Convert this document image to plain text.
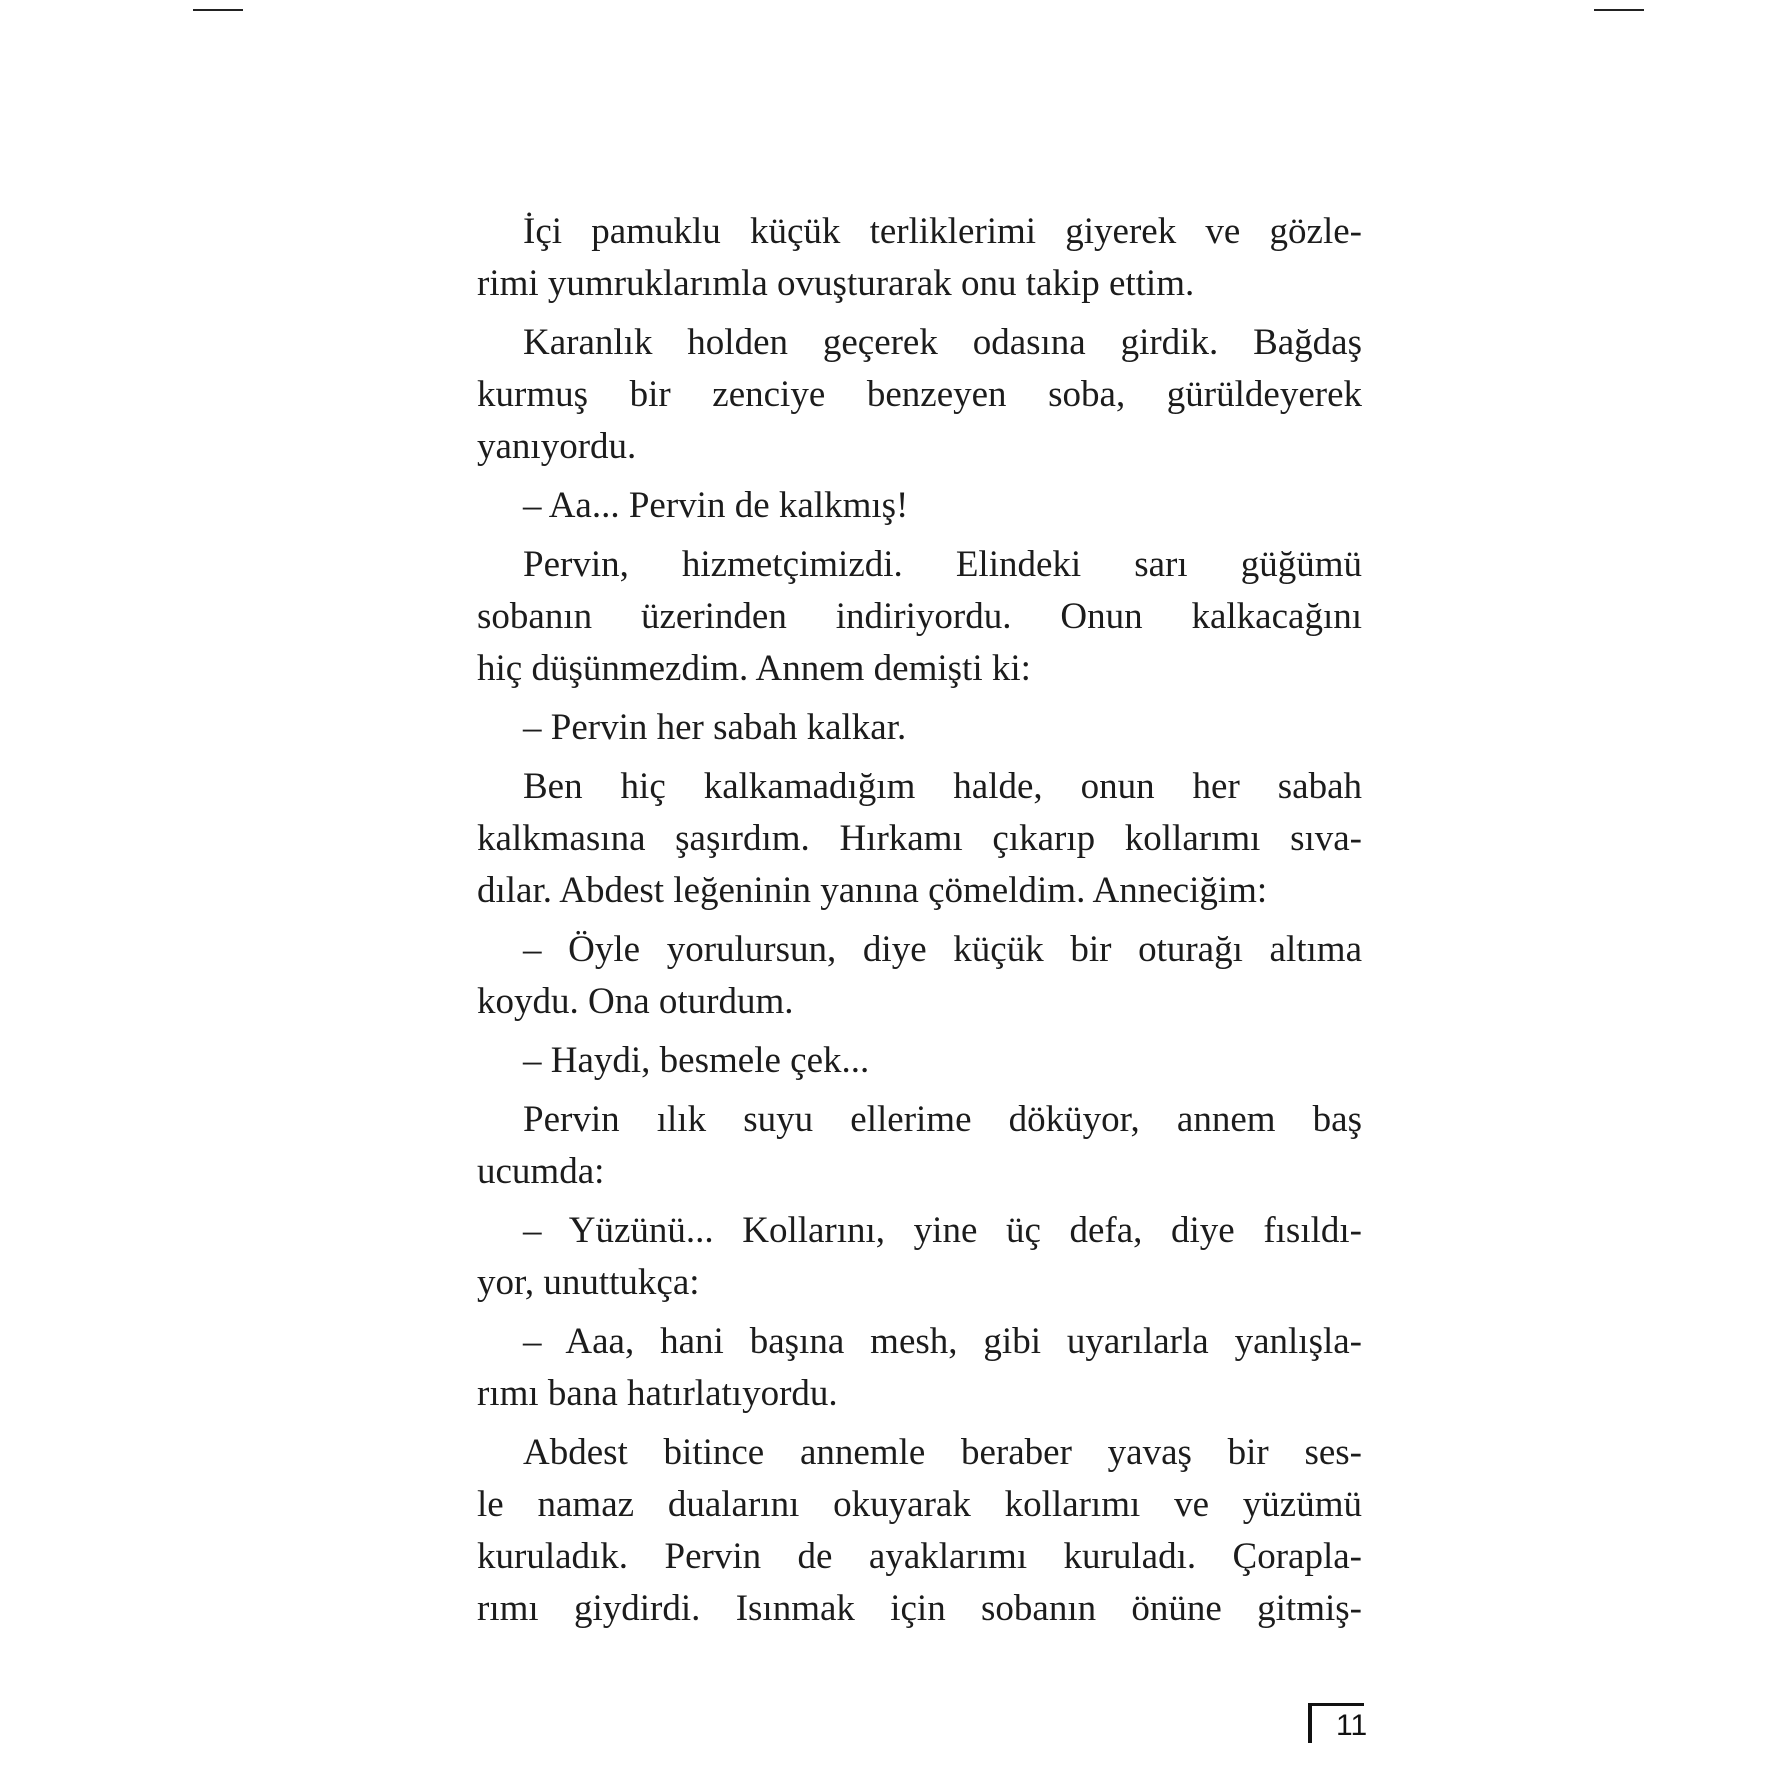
İçi pamuklu küçük terliklerimi giyerek ve gözle-
rimi yumruklarımla ovuşturarak onu takip ettim.
Karanlık holden geçerek odasına girdik. Bağdaş
kurmuş bir zenciye benzeyen soba, gürüldeyerek
yanıyordu.
– Aa... Pervin de kalkmış!
Pervin, hizmetçimizdi. Elindeki sarı güğümü
sobanın üzerinden indiriyordu. Onun kalkacağını
hiç düşünmezdim. Annem demişti ki:
– Pervin her sabah kalkar.
Ben hiç kalkamadığım halde, onun her sabah
kalkmasına şaşırdım. Hırkamı çıkarıp kollarımı sıva-
dılar. Abdest leğeninin yanına çömeldim. Anneciğim:
– Öyle yorulursun, diye küçük bir oturağı altıma
koydu. Ona oturdum.
– Haydi, besmele çek...
Pervin ılık suyu ellerime döküyor, annem baş
ucumda:
– Yüzünü... Kollarını, yine üç defa, diye fısıldı-
yor, unuttukça:
– Aaa, hani başına mesh, gibi uyarılarla yanlışla-
rımı bana hatırlatıyordu.
Abdest bitince annemle beraber yavaş bir ses-
le namaz dualarını okuyarak kollarımı ve yüzümü
kuruladık. Pervin de ayaklarımı kuruladı. Çorapla-
rımı giydirdi. Isınmak için sobanın önüne gitmiş-
11
